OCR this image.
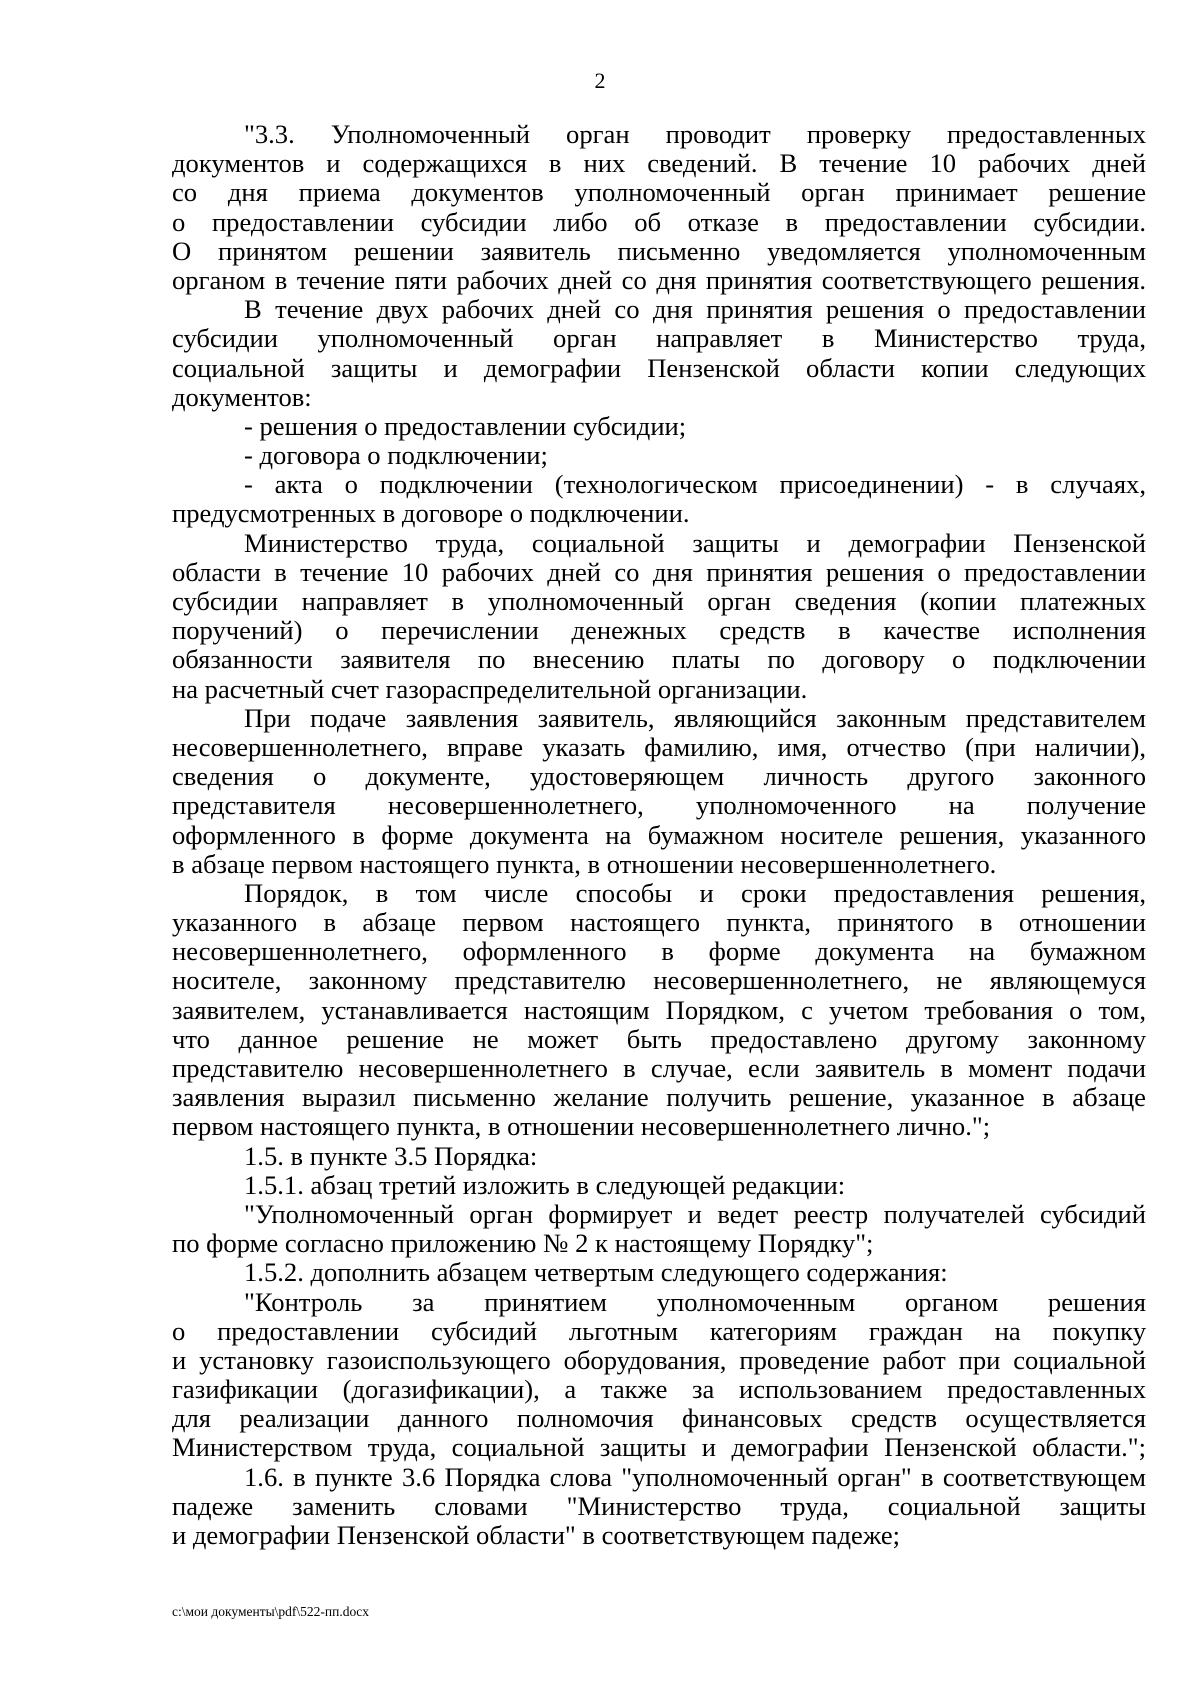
2
"3.3. Уполномоченный орган проводит проверку предоставленных
документов и содержащихся в них сведений. В течение 10 рабочих дней
со дня приема документов уполномоченный орган принимает решение
о предоставлении субсидии либо об отказе в предоставлении субсидии.
О принятом решении заявитель письменно уведомляется уполномоченным
органом в течение пяти рабочих дней со дня принятия соответствующего решения.
В течение двух рабочих дней со дня принятия решения о предоставлении
субсидии уполномоченный орган направляет в Министерство труда,
социальной защиты и демографии Пензенской области копии следующих
документов:
- решения о предоставлении субсидии;
- договора о подключении;
- акта о подключении (технологическом присоединении) - в случаях,
предусмотренных в договоре о подключении.
Министерство труда, социальной защиты и демографии Пензенской
области в течение 10 рабочих дней со дня принятия решения о предоставлении
субсидии направляет в уполномоченный орган сведения (копии платежных
поручений) о перечислении денежных средств в качестве исполнения
обязанности заявителя по внесению платы по договору о подключении
на расчетный счет газораспределительной организации.
При подаче заявления заявитель, являющийся законным представителем
несовершеннолетнего, вправе указать фамилию, имя, отчество (при наличии),
сведения о документе, удостоверяющем личность другого законного
представителя несовершеннолетнего, уполномоченного на получение
оформленного в форме документа на бумажном носителе решения, указанного
в абзаце первом настоящего пункта, в отношении несовершеннолетнего.
Порядок, в том числе способы и сроки предоставления решения,
указанного в абзаце первом настоящего пункта, принятого в отношении
несовершеннолетнего, оформленного в форме документа на бумажном
носителе, законному представителю несовершеннолетнего, не являющемуся
заявителем, устанавливается настоящим Порядком, с учетом требования о том,
что данное решение не может быть предоставлено другому законному
представителю несовершеннолетнего в случае, если заявитель в момент подачи
заявления выразил письменно желание получить решение, указанное в абзаце
первом настоящего пункта, в отношении несовершеннолетнего лично.";
1.5. в пункте 3.5 Порядка:
1.5.1. абзац третий изложить в следующей редакции:
"Уполномоченный орган формирует и ведет реестр получателей субсидий
по форме согласно приложению № 2 к настоящему Порядку";
1.5.2. дополнить абзацем четвертым следующего содержания:
"Контроль за принятием уполномоченным органом решения
о предоставлении субсидий льготным категориям граждан на покупку
и установку газоиспользующего оборудования, проведение работ при социальной
газификации (догазификации), а также за использованием предоставленных
для реализации данного полномочия финансовых средств осуществляется
Министерством труда, социальной защиты и демографии Пензенской области.";
1.6. в пункте 3.6 Порядка слова "уполномоченный орган" в соответствующем
падеже заменить словами "Министерство труда, социальной защиты
и демографии Пензенской области" в соответствующем падеже;
c:\мои документы\pdf\522-пп.docx
